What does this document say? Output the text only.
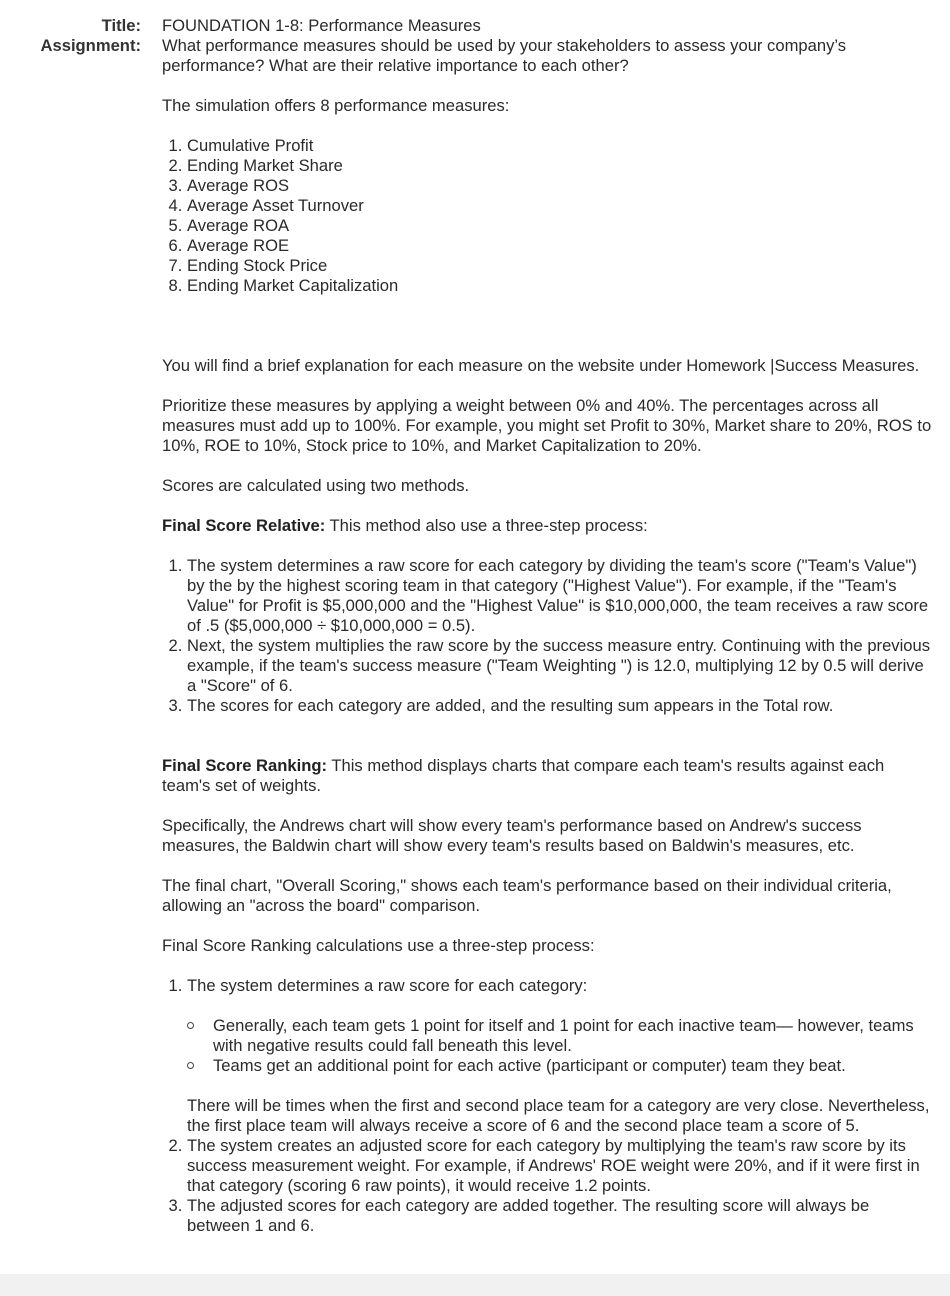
Title: FOUNDATION 1-8: Performance Measures
Assignment: What performance measures should be used by your stakeholders to assess your company’s performance? What are their relative importance to each other?

The simulation offers 8 performance measures:

1. Cumulative Profit
2. Ending Market Share
3. Average ROS
4. Average Asset Turnover
5. Average ROA
6. Average ROE
7. Ending Stock Price
8. Ending Market Capitalization

You will find a brief explanation for each measure on the website under Homework |Success Measures.

Prioritize these measures by applying a weight between 0% and 40%. The percentages across all measures must add up to 100%. For example, you might set Profit to 30%, Market share to 20%, ROS to 10%, ROE to 10%, Stock price to 10%, and Market Capitalization to 20%.

Scores are calculated using two methods.

Final Score Relative: This method also use a three-step process:

1. The system determines a raw score for each category by dividing the team's score ("Team's Value") by the by the highest scoring team in that category ("Highest Value"). For example, if the "Team's Value" for Profit is $5,000,000 and the "Highest Value" is $10,000,000, the team receives a raw score of .5 ($5,000,000 ÷ $10,000,000 = 0.5).
2. Next, the system multiplies the raw score by the success measure entry. Continuing with the previous example, if the team's success measure ("Team Weighting ") is 12.0, multiplying 12 by 0.5 will derive a "Score" of 6.
3. The scores for each category are added, and the resulting sum appears in the Total row.

Final Score Ranking: This method displays charts that compare each team's results against each team's set of weights.

Specifically, the Andrews chart will show every team's performance based on Andrew's success measures, the Baldwin chart will show every team's results based on Baldwin's measures, etc.

The final chart, "Overall Scoring," shows each team's performance based on their individual criteria, allowing an "across the board" comparison.

Final Score Ranking calculations use a three-step process:

1. The system determines a raw score for each category:
Generally, each team gets 1 point for itself and 1 point for each inactive team— however, teams with negative results could fall beneath this level.
Teams get an additional point for each active (participant or computer) team they beat.

There will be times when the first and second place team for a category are very close. Nevertheless, the first place team will always receive a score of 6 and the second place team a score of 5.

2. The system creates an adjusted score for each category by multiplying the team's raw score by its success measurement weight. For example, if Andrews' ROE weight were 20%, and if it were first in that category (scoring 6 raw points), it would receive 1.2 points.
3. The adjusted scores for each category are added together. The resulting score will always be between 1 and 6.
